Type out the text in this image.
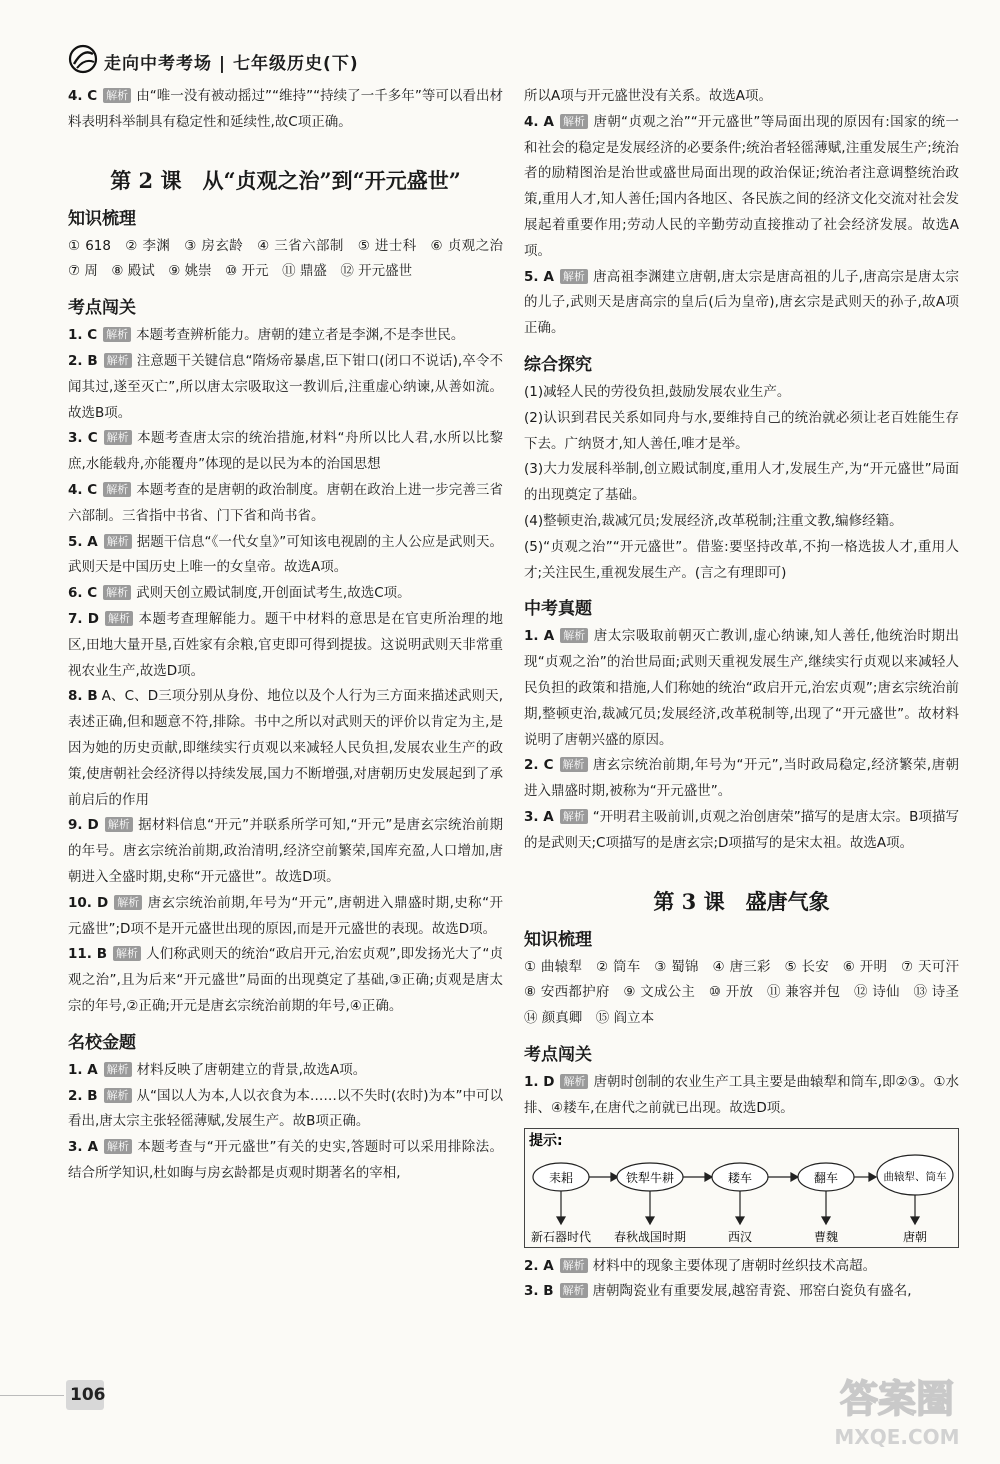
走向中考考场 | 七年级历史(下)

4. C 解析 由“唯一没有被动摇过”“维持”“持续了一千多年”等可以看出材料表明科举制具有稳定性和延续性,故C项正确。

第 2 课　从“贞观之治”到“开元盛世”
知识梳理

① 618　② 李渊　③ 房玄龄　④ 三省六部制　⑤ 进士科　⑥ 贞观之治　⑦ 周　⑧ 殿试　⑨ 姚崇　⑩ 开元　⑪ 鼎盛　⑫ 开元盛世

考点闯关

1. C 解析 本题考查辨析能力。唐朝的建立者是李渊,不是李世民。

2. B 解析 注意题干关键信息“隋炀帝暴虐,臣下钳口(闭口不说话),卒令不闻其过,遂至灭亡”,所以唐太宗吸取这一教训后,注重虚心纳谏,从善如流。故选B项。

3. C 解析 本题考查唐太宗的统治措施,材料“舟所以比人君,水所以比黎庶,水能载舟,亦能覆舟”体现的是以民为本的治国思想

4. C 解析 本题考查的是唐朝的政治制度。唐朝在政治上进一步完善三省六部制。三省指中书省、门下省和尚书省。

5. A 解析 据题干信息“《一代女皇》”可知该电视剧的主人公应是武则天。武则天是中国历史上唯一的女皇帝。故选A项。

6. C 解析 武则天创立殿试制度,开创面试考生,故选C项。

7. D 解析 本题考查理解能力。题干中材料的意思是在官吏所治理的地区,田地大量开垦,百姓家有余粮,官吏即可得到提拔。这说明武则天非常重视农业生产,故选D项。

8. B A、C、D三项分别从身份、地位以及个人行为三方面来描述武则天,表述正确,但和题意不符,排除。书中之所以对武则天的评价以肯定为主,是因为她的历史贡献,即继续实行贞观以来减轻人民负担,发展农业生产的政策,使唐朝社会经济得以持续发展,国力不断增强,对唐朝历史发展起到了承前启后的作用

9. D 解析 据材料信息“开元”并联系所学可知,“开元”是唐玄宗统治前期的年号。唐玄宗统治前期,政治清明,经济空前繁荣,国库充盈,人口增加,唐朝进入全盛时期,史称“开元盛世”。故选D项。

10. D 解析 唐玄宗统治前期,年号为“开元”,唐朝进入鼎盛时期,史称“开元盛世”;D项不是开元盛世出现的原因,而是开元盛世的表现。故选D项。

11. B 解析 人们称武则天的统治“政启开元,治宏贞观”,即发扬光大了“贞观之治”,且为后来“开元盛世”局面的出现奠定了基础,③正确;贞观是唐太宗的年号,②正确;开元是唐玄宗统治前期的年号,④正确。

名校金题

1. A 解析 材料反映了唐朝建立的背景,故选A项。

2. B 解析 从“国以人为本,人以衣食为本……以不失时(农时)为本”中可以看出,唐太宗主张轻徭薄赋,发展生产。故B项正确。

3. A 解析 本题考查与“开元盛世”有关的史实,答题时可以采用排除法。结合所学知识,杜如晦与房玄龄都是贞观时期著名的宰相,

所以A项与开元盛世没有关系。故选A项。

4. A 解析 唐朝“贞观之治”“开元盛世”等局面出现的原因有:国家的统一和社会的稳定是发展经济的必要条件;统治者轻徭薄赋,注重发展生产;统治者的励精图治是治世或盛世局面出现的政治保证;统治者注意调整统治政策,重用人才,知人善任;国内各地区、各民族之间的经济文化交流对社会发展起着重要作用;劳动人民的辛勤劳动直接推动了社会经济发展。故选A项。

5. A 解析 唐高祖李渊建立唐朝,唐太宗是唐高祖的儿子,唐高宗是唐太宗的儿子,武则天是唐高宗的皇后(后为皇帝),唐玄宗是武则天的孙子,故A项正确。

综合探究

(1)减轻人民的劳役负担,鼓励发展农业生产。

(2)认识到君民关系如同舟与水,要维持自己的统治就必须让老百姓能生存下去。广纳贤才,知人善任,唯才是举。

(3)大力发展科举制,创立殿试制度,重用人才,发展生产,为“开元盛世”局面的出现奠定了基础。

(4)整顿吏治,裁减冗员;发展经济,改革税制;注重文教,编修经籍。

(5)“贞观之治”“开元盛世”。借鉴:要坚持改革,不拘一格选拔人才,重用人才;关注民生,重视发展生产。(言之有理即可)

中考真题

1. A 解析 唐太宗吸取前朝灭亡教训,虚心纳谏,知人善任,他统治时期出现“贞观之治”的治世局面;武则天重视发展生产,继续实行贞观以来减轻人民负担的政策和措施,人们称她的统治“政启开元,治宏贞观”;唐玄宗统治前期,整顿吏治,裁减冗员;发展经济,改革税制等,出现了“开元盛世”。故材料说明了唐朝兴盛的原因。

2. C 解析 唐玄宗统治前期,年号为“开元”,当时政局稳定,经济繁荣,唐朝进入鼎盛时期,被称为“开元盛世”。

3. A 解析 “开明君主吸前训,贞观之治创唐荣”描写的是唐太宗。B项描写的是武则天;C项描写的是唐玄宗;D项描写的是宋太祖。故选A项。

第 3 课　盛唐气象
知识梳理

① 曲辕犁　② 筒车　③ 蜀锦　④ 唐三彩　⑤ 长安　⑥ 开明　⑦ 天可汗　⑧ 安西都护府　⑨ 文成公主　⑩ 开放　⑪ 兼容并包　⑫ 诗仙　⑬ 诗圣　⑭ 颜真卿　⑮ 阎立本

考点闯关

1. D 解析 唐朝时创制的农业生产工具主要是曲辕犁和筒车,即②③。①水排、④耧车,在唐代之前就已出现。故选D项。

提示:
耒耜	铁犁牛耕	耧车	翻车	曲辕犁、筒车
新石器时代 春秋战国时期	西汉	曹魏	唐朝

2. A 解析 材料中的现象主要体现了唐朝时丝织技术高超。

3. B 解析 唐朝陶瓷业有重要发展,越窑青瓷、邢窑白瓷负有盛名,

106	答案圈
MXQE.COM
